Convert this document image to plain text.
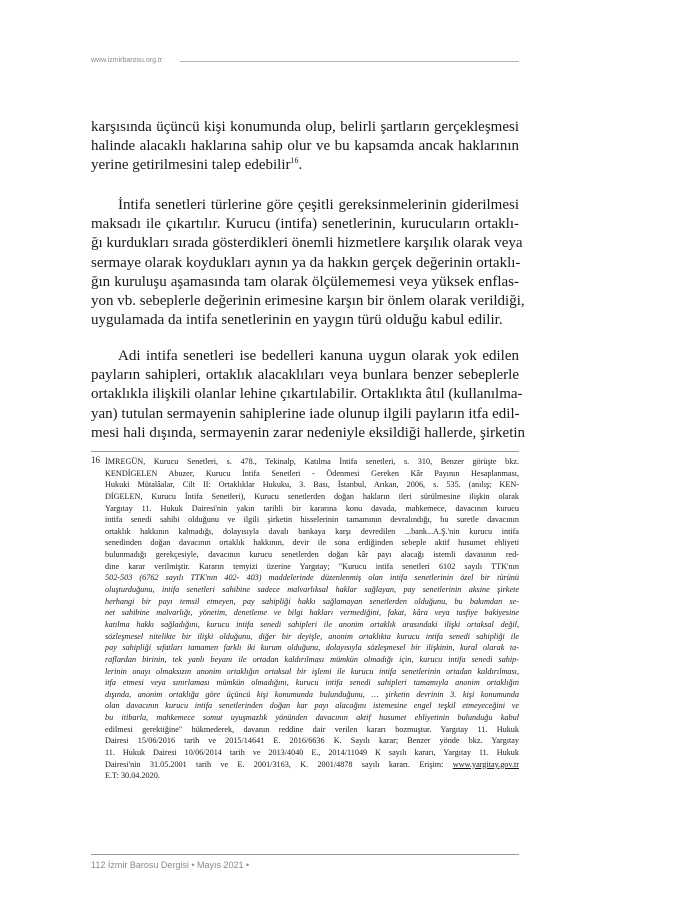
www.izmirbarosu.org.tr
karşısında üçüncü kişi konumunda olup, belirli şartların gerçekleşmesi
halinde alacaklı haklarına sahip olur ve bu kapsamda ancak haklarının
yerine getirilmesini talep edebilir$^{16}$.
İntifa senetleri türlerine göre çeşitli gereksinmelerinin giderilmesi
maksadı ile çıkartılır. Kurucu (intifa) senetlerinin, kurucuların ortaklı-
ğı kurdukları sırada gösterdikleri önemli hizmetlere karşılık olarak veya
sermaye olarak koydukları aynın ya da hakkın gerçek değerinin ortaklı-
ğın kuruluşu aşamasında tam olarak ölçülememesi veya yüksek enflas-
yon vb. sebeplerle değerinin erimesine karşın bir önlem olarak verildiği,
uygulamada da intifa senetlerinin en yaygın türü olduğu kabul edilir.
Adi intifa senetleri ise bedelleri kanuna uygun olarak yok edilen
payların sahipleri, ortaklık alacaklıları veya bunlara benzer sebeplerle
ortaklıkla ilişkili olanlar lehine çıkartılabilir. Ortaklıkta âtıl (kullanılma-
yan) tutulan sermayenin sahiplerine iade olunup ilgili payların itfa edil-
mesi hali dışında, sermayenin zarar nedeniyle eksildiği hallerde, şirketin
16 İMREGÜN, Kurucu Senetleri, s. 478., Tekinalp, Katılma İntifa senetleri, s. 310, Benzer görüşte bkz.
KENDİGELEN Abuzer, Kurucu İntifa Senetleri - Ödenmesi Gereken Kâr Payının Hesaplanması,
Hukuki Mütalâalar, Cilt II: Ortaklıklar Hukuku, 3. Bası, İstanbul, Arıkan, 2006, s. 535. (anılış; KEN-
DİGELEN, Kurucu İntifa Senetleri), Kurucu senetlerden doğan hakların ileri sürülmesine ilişkin olarak
Yargıtay 11. Hukuk Dairesi'nin yakın tarihli bir kararına konu davada, mahkemece, davacının kurucu
intifa senedi sahibi olduğunu ve ilgili şirketin hisselerinin tamamının devralındığı, bu suretle davacının
ortaklık hakkının kalmadığı, dolayısıyla davalı bankaya karşı devredilen ...bank...A.Ş.'nin kurucu intifa
senedinden doğan davacının ortaklık hakkının, devir ile sona erdiğinden sebeple aktif husumet ehliyeti
bulunmadığı gerekçesiyle, davacının kurucu senetlerden doğan kâr payı alacağı istemli davasının red-
dine karar verilmiştir. Kararın temyizi üzerine Yargıtay; "Kurucu intifa senetleri 6102 sayılı TTK'nın
502-503 (6762 sayılı TTK'nın 402- 403) maddelerinde düzenlenmiş olan intifa senetlerinin özel bir türünü
oluşturduğunu, intifa senetleri sahibine sadece malvarlıksal haklar sağlayan, pay senetlerinin aksine şirkete
herhangi bir payı temsil etmeyen, pay sahipliği hakkı sağlamayan senetlerden olduğunu, bu bakımdan se-
net sahibine malvarlığı, yönetim, denetleme ve bilgi hakları vermediğini, fakat, kâra veya tasfiye bakiyesine
katılma hakkı sağladığını, kurucu intifa senedi sahipleri ile anonim ortaklık arasındaki ilişki ortaksal değil,
sözleşmesel nitelikte bir ilişki olduğunu, diğer bir deyişle, anonim ortaklıkta kurucu intifa senedi sahipliği ile
pay sahipliği sıfatları tamamen farklı iki kurum olduğunu, dolayısıyla sözleşmesel bir ilişkinin, kural olarak ta-
raflardan birinin, tek yanlı beyanı ile ortadan kaldırılması mümkün olmadığı için, kurucu intifa senedi sahip-
lerinin onayı olmaksızın anonim ortaklığın ortaksal bir işlemi ile kurucu intifa senetlerinin ortadan kaldırılması,
itfa etmesi veya sınırlaması mümkün olmadığını, kurucu intifa senedi sahipleri tamamıyla anonim ortaklığın
dışında, anonim ortaklığa göre üçüncü kişi konumunda bulunduğunu, … şirketin devrinin 3. kişi konumunda
olan davacının kurucu intifa senetlerinden doğan kar payı alacağını istemesine engel teşkil etmeyeceğini ve
bu itibarla, mahkemece somut uyuşmazlık yönünden davacının aktif husumet ehliyetinin bulunduğu kabul
edilmesi gerektiğine" hükmederek, davanın reddine dair verilen kararı bozmuştur. Yargıtay 11. Hukuk
Dairesi 15/06/2016 tarih ve 2015/14641 E. 2016/6636 K. Sayılı karar; Benzer yönde bkz. Yargıtay
11. Hukuk Dairesi 10/06/2014 tarih ve 2013/4040 E., 2014/11049 K sayılı kararı, Yargıtay 11. Hukuk
Dairesi'nin 31.05.2001 tarih ve E. 2001/3163, K. 2001/4878 sayılı kararı. Erişim: www.yargitay.gov.tr
E.T: 30.04.2020.
112 İzmir Barosu Dergisi • Mayıs 2021 •
